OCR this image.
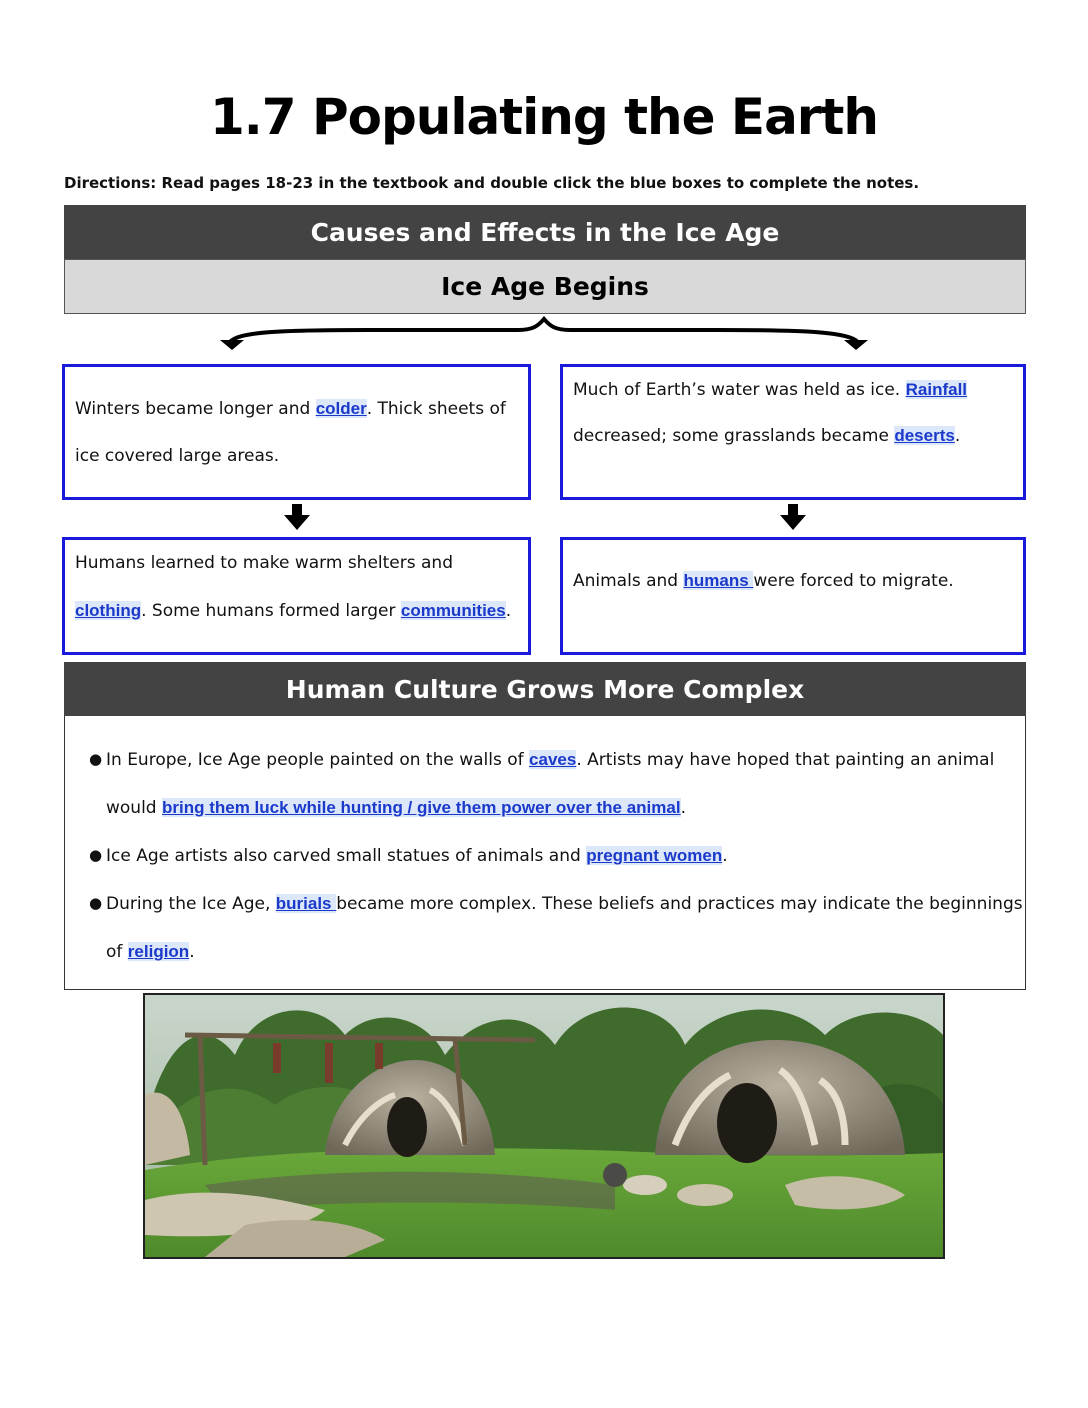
1.7 Populating the Earth
Directions: Read pages 18-23 in the textbook and double click the blue boxes to complete the notes.
Causes and Effects in the Ice Age
Ice Age Begins
Winters became longer and colder. Thick sheets of ice covered large areas.
Much of Earth’s water was held as ice. Rainfall decreased; some grasslands became deserts.
Humans learned to make warm shelters and clothing. Some humans formed larger communities.
Animals and humans were forced to migrate.
Human Culture Grows More Complex
● In Europe, Ice Age people painted on the walls of caves. Artists may have hoped that painting an animal would bring them luck while hunting / give them power over the animal.
● Ice Age artists also carved small statues of animals and pregnant women.
● During the Ice Age, burials became more complex. These beliefs and practices may indicate the beginnings of religion.
